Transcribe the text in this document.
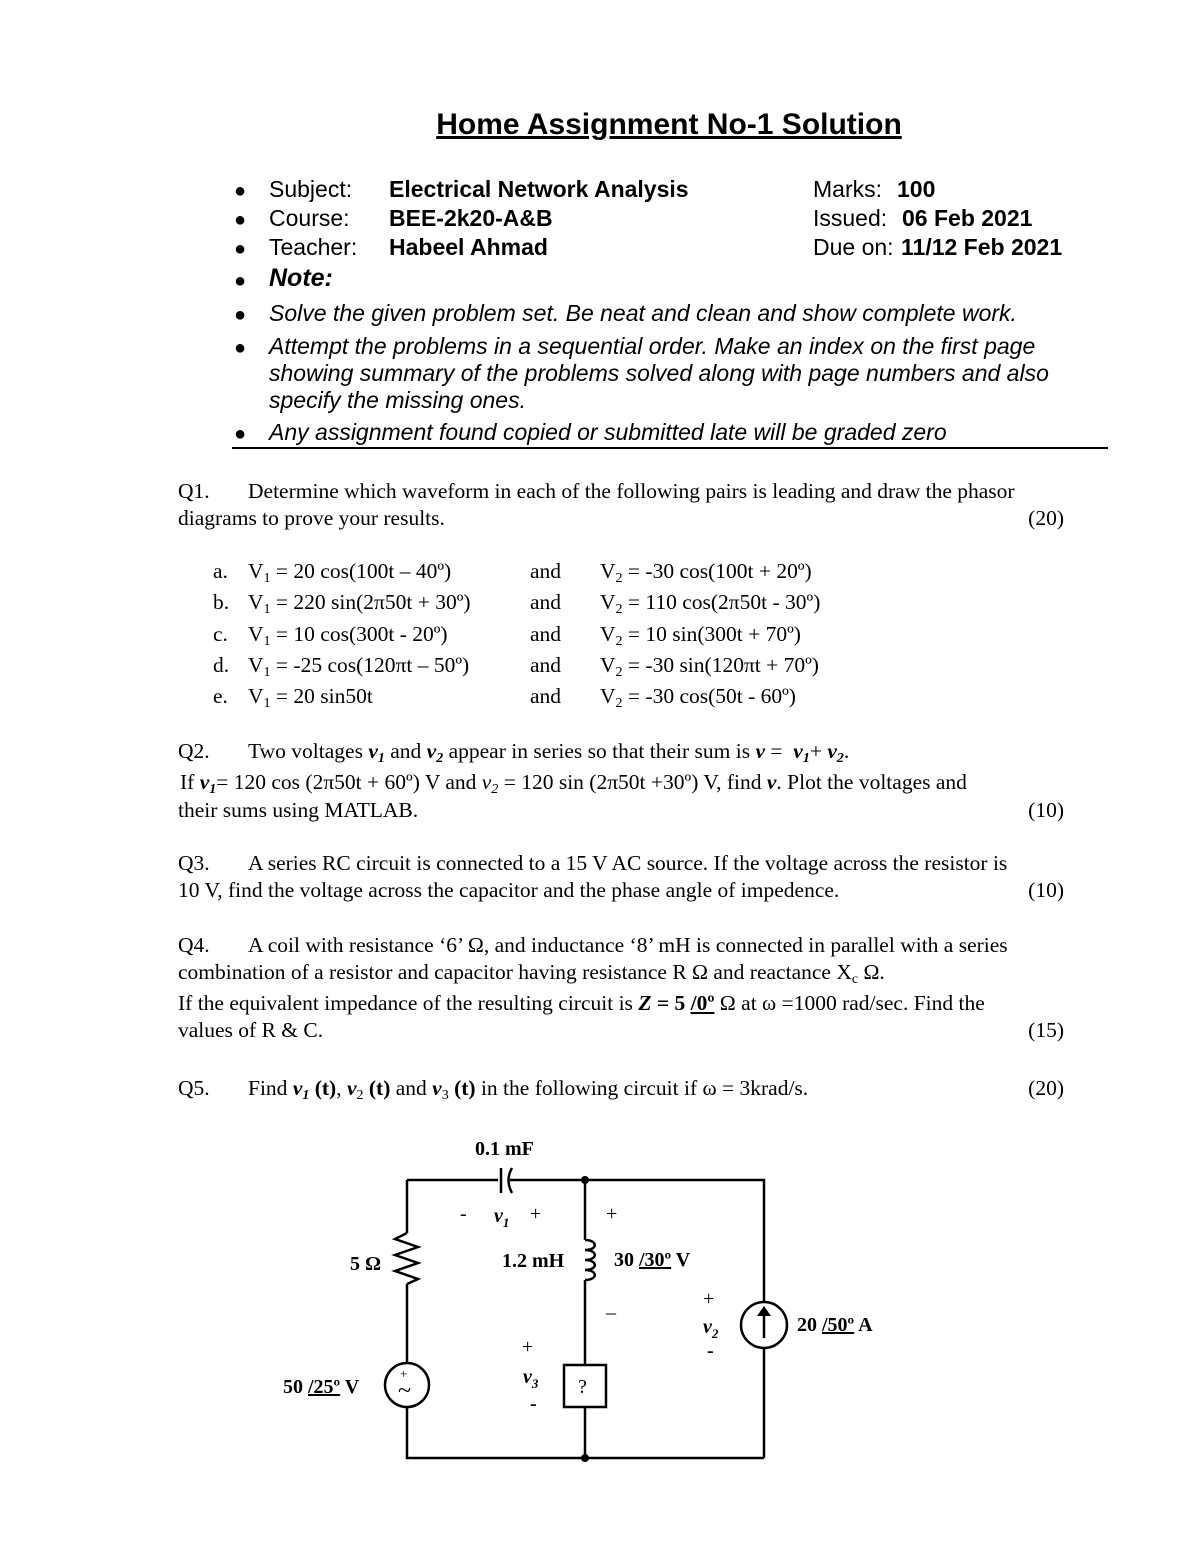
Home Assignment No-1 Solution
● Subject: Electrical Network Analysis	Marks: 100
● Course: BEE-2k20-A&B	Issued: 06 Feb 2021
● Teacher: Habeel Ahmad	Due on: 11/12 Feb 2021
● Note:
● Solve the given problem set. Be neat and clean and show complete work.
● Attempt the problems in a sequential order. Make an index on the first page
showing summary of the problems solved along with page numbers and also
specify the missing ones.
● Any assignment found copied or submitted late will be graded zero
Q1. Determine which waveform in each of the following pairs is leading and draw the phasor
diagrams to prove your results.	(20)
a. $V_1 = 20$ cos(100t – 40º)	and $V_2 = -30$ cos(100t + 20º)
b. $V_1 = 220$ sin(2π50t + 30º)	and $V_2 = 110$ cos(2π50t - 30º)
c. $V_1 = 10$ cos(300t - 20º)	and $V_2 = 10$ sin(300t + 70º)
d. $V_1 = -25$ cos(120πt – 50º)	and $V_2 = -30$ sin(120πt + 70º)
e. $V_1 = 20$ sin50t	and $V_2 = -30$ cos(50t - 60º)
Q2. Two voltages $v_1$ and $v_2$ appear in series so that their sum is $v = v_1+ v_2$.
If $v_1= 120$ cos (2π50t + 60º) V and $v_2 = 120$ sin (2π50t +30º) V, find v. Plot the voltages and
their sums using MATLAB.	(10)
Q3. A series RC circuit is connected to a 15 V AC source. If the voltage across the resistor is
10 V, find the voltage across the capacitor and the phase angle of impedence.	(10)
Q4. A coil with resistance ‘6’ Ω, and inductance ‘8’ mH is connected in parallel with a series
combination of a resistor and capacitor having resistance R Ω and reactance $X_c$ Ω.
If the equivalent impedance of the resulting circuit is Z = 5 /0º Ω at ω =1000 rad/sec. Find the
values of R & C.	(15)
Q5. Find $v_1$ (t), $v_2$ (t) and $v_3$ (t) in the following circuit if ω = 3krad/s.	(20)
+
~
0.1 mF
- $v_1$ +	+
_
5 Ω	1.2 mH 30 /30º V
+
$v_2$
-
20 /50º A
+
$v_3$
-
?
50 /25º V
